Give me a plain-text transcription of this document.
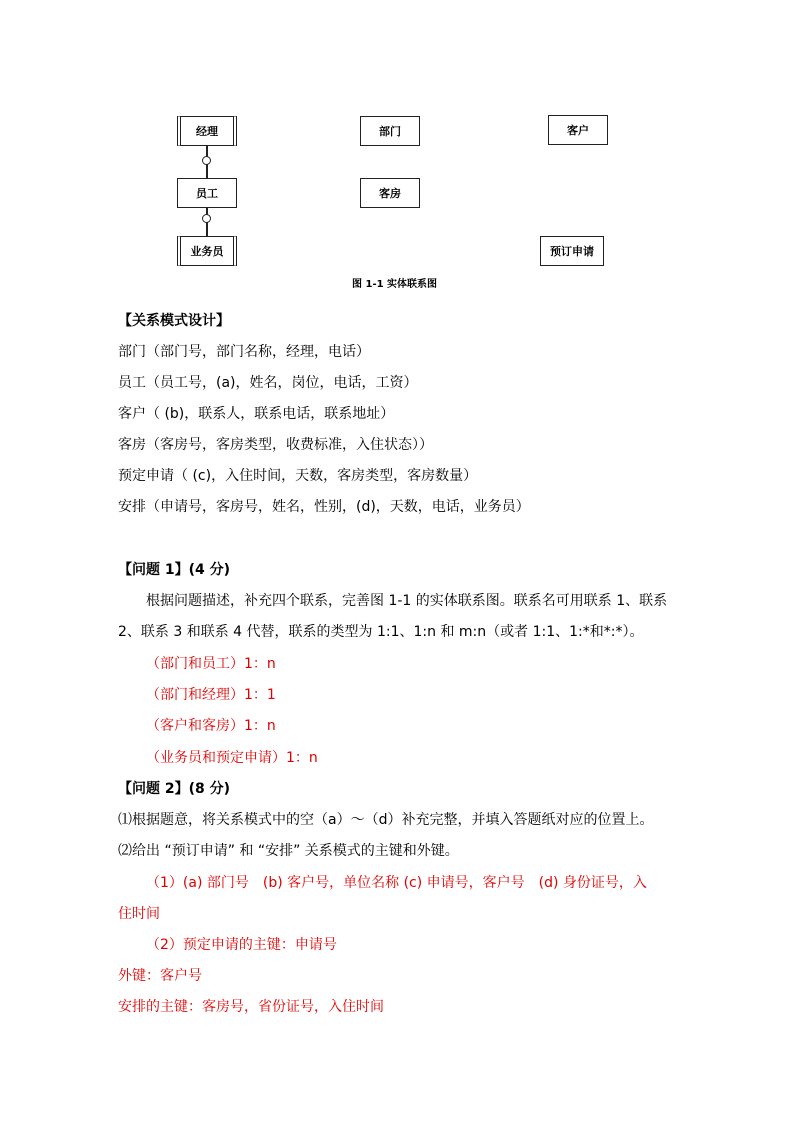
经理	部门	客户
员工	客房
业务员	预订申请
图 1-1 实体联系图
【关系模式设计】
部门（部门号，部门名称，经理，电话）
员工（员工号，(a)，姓名，岗位，电话，工资）
客户（ (b)，联系人，联系电话，联系地址）
客房（客房号，客房类型，收费标准，入住状态））
预定申请（ (c)，入住时间，天数，客房类型，客房数量）
安排（申请号，客房号，姓名，性别，(d)，天数，电话，业务员）
【问题 1】(4 分)
根据问题描述，补充四个联系，完善图 1-1 的实体联系图。联系名可用联系 1、联系
2、联系 3 和联系 4 代替，联系的类型为 1:1、1:n 和 m:n（或者 1:1、1:*和*:*）。
（部门和员工）1：n
（部门和经理）1：1
（客户和客房）1：n
（业务员和预定申请）1：n
【问题 2】(8 分)
⑴根据题意，将关系模式中的空（a）～（d）补充完整，并填入答题纸对应的位置上。
⑵给出 “预订申请” 和 “安排” 关系模式的主键和外键。
（1）(a) 部门号　(b) 客户号，单位名称 (c) 申请号，客户号　(d) 身份证号，入
住时间
（2）预定申请的主键：申请号
外键：客户号
安排的主键：客房号，省份证号，入住时间
